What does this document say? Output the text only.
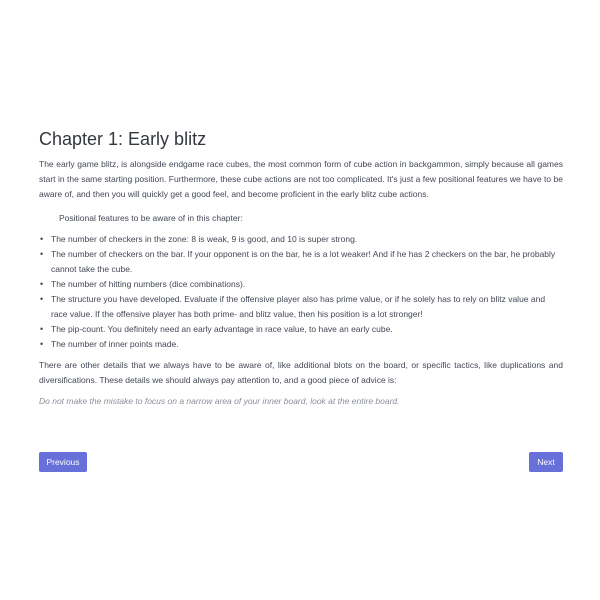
Chapter 1: Early blitz

The early game blitz, is alongside endgame race cubes, the most common form of cube action in backgammon, simply because all games start in the same starting position. Furthermore, these cube actions are not too complicated. It's just a few positional features we have to be aware of, and then you will quickly get a good feel, and become proficient in the early blitz cube actions.

Positional features to be aware of in this chapter:

• The number of checkers in the zone: 8 is weak, 9 is good, and 10 is super strong.
• The number of checkers on the bar. If your opponent is on the bar, he is a lot weaker! And if he has 2 checkers on the bar, he probably cannot take the cube.
• The number of hitting numbers (dice combinations).
• The structure you have developed. Evaluate if the offensive player also has prime value, or if he solely has to rely on blitz value and race value. If the offensive player has both prime- and blitz value, then his position is a lot stronger!
• The pip-count. You definitely need an early advantage in race value, to have an early cube.
• The number of inner points made.

There are other details that we always have to be aware of, like additional blots on the board, or specific tactics, like duplications and diversifications. These details we should always pay attention to, and a good piece of advice is:

Do not make the mistake to focus on a narrow area of your inner board, look at the entire board.

Previous	Next
